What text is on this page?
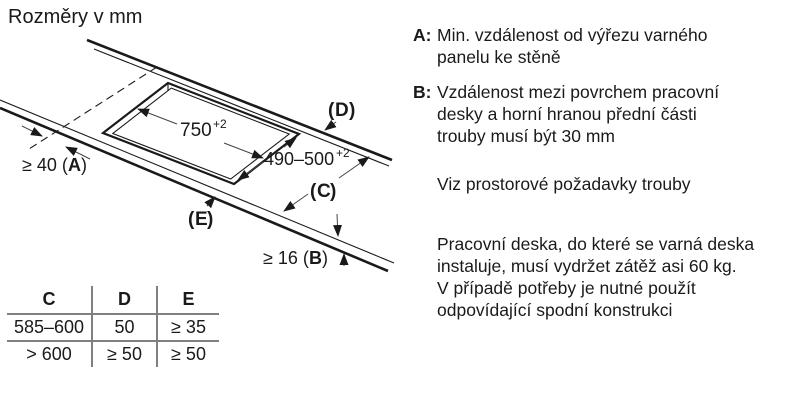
Rozměry v mm
750 +2
490–500 +2
≥ 40 ( A )
( D )
( C )
( E )
≥ 16 ( B )
C	D	E
585–600	50	≥ 35
> 600	≥ 50	≥ 50
A: Min. vzdálenost od výřezu varného
panelu ke stěně
B: Vzdálenost mezi povrchem pracovní
desky a horní hranou přední části
trouby musí být 30 mm
Viz prostorové požadavky trouby
Pracovní deska, do které se varná deska
instaluje, musí vydržet zátěž asi 60 kg.
V případě potřeby je nutné použít
odpovídající spodní konstrukci
